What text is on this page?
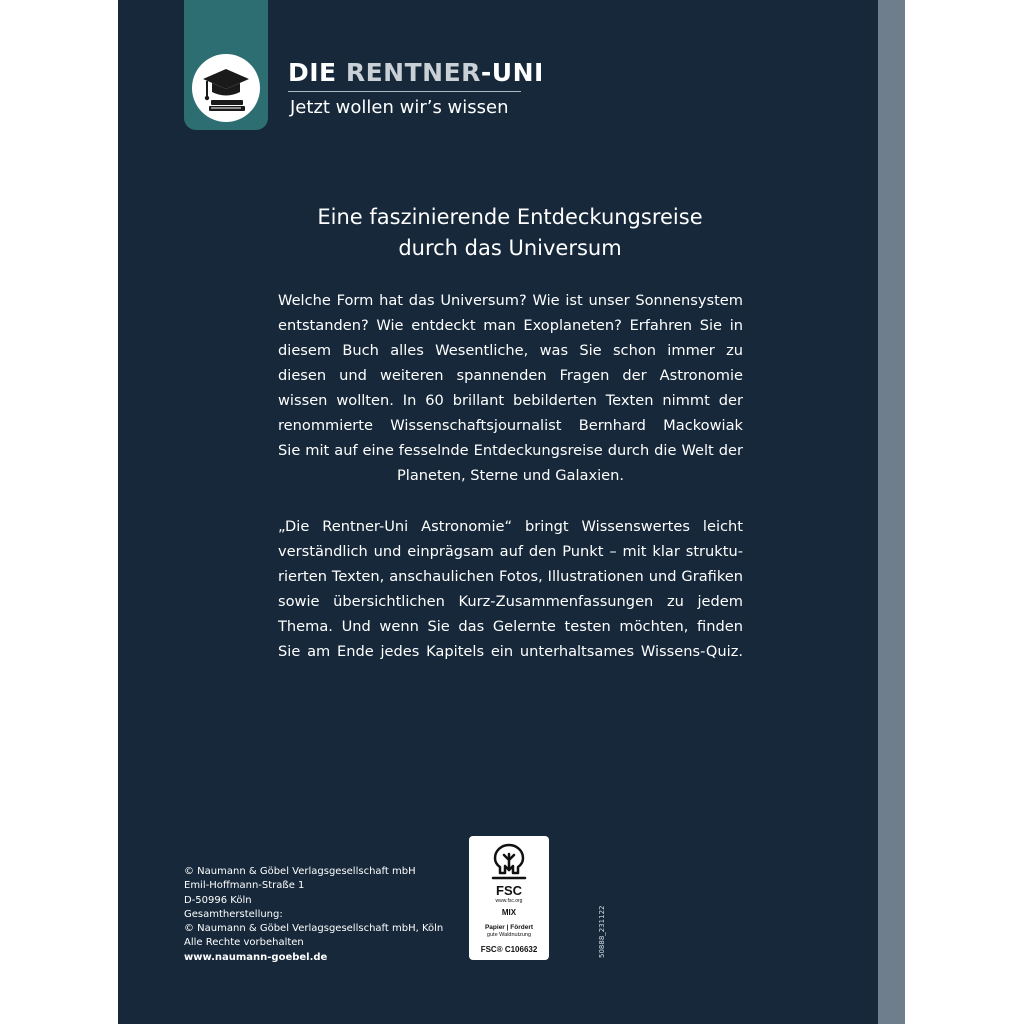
DIE RENTNER-UNI
Jetzt wollen wir’s wissen
Eine faszinierende Entdeckungsreise
durch das Universum
Welche Form hat das Universum? Wie ist unser Sonnensystem
entstanden? Wie entdeckt man Exoplaneten? Erfahren Sie in
diesem Buch alles Wesentliche, was Sie schon immer zu
diesen und weiteren spannenden Fragen der Astronomie
wissen wollten. In 60 brillant bebilderten Texten nimmt der
renommierte Wissenschaftsjournalist Bernhard Mackowiak
Sie mit auf eine fesselnde Entdeckungsreise durch die Welt der
Planeten, Sterne und Galaxien.
„Die Rentner-Uni Astronomie“ bringt Wissenswertes leicht
verständlich und einprägsam auf den Punkt – mit klar struktu-
rierten Texten, anschaulichen Fotos, Illustrationen und Grafiken
sowie übersichtlichen Kurz-Zusammenfassungen zu jedem
Thema. Und wenn Sie das Gelernte testen möchten, finden
Sie am Ende jedes Kapitels ein unterhaltsames Wissens-Quiz.
© Naumann & Göbel Verlagsgesellschaft mbH
Emil-Hoffmann-Straße 1
D-50996 Köln
Gesamtherstellung:
© Naumann & Göbel Verlagsgesellschaft mbH, Köln
Alle Rechte vorbehalten
www.naumann-goebel.de
FSC
www.fsc.org
MIX
Papier | Fördert
gute Waldnutzung
FSC® C106632	50888_231122
